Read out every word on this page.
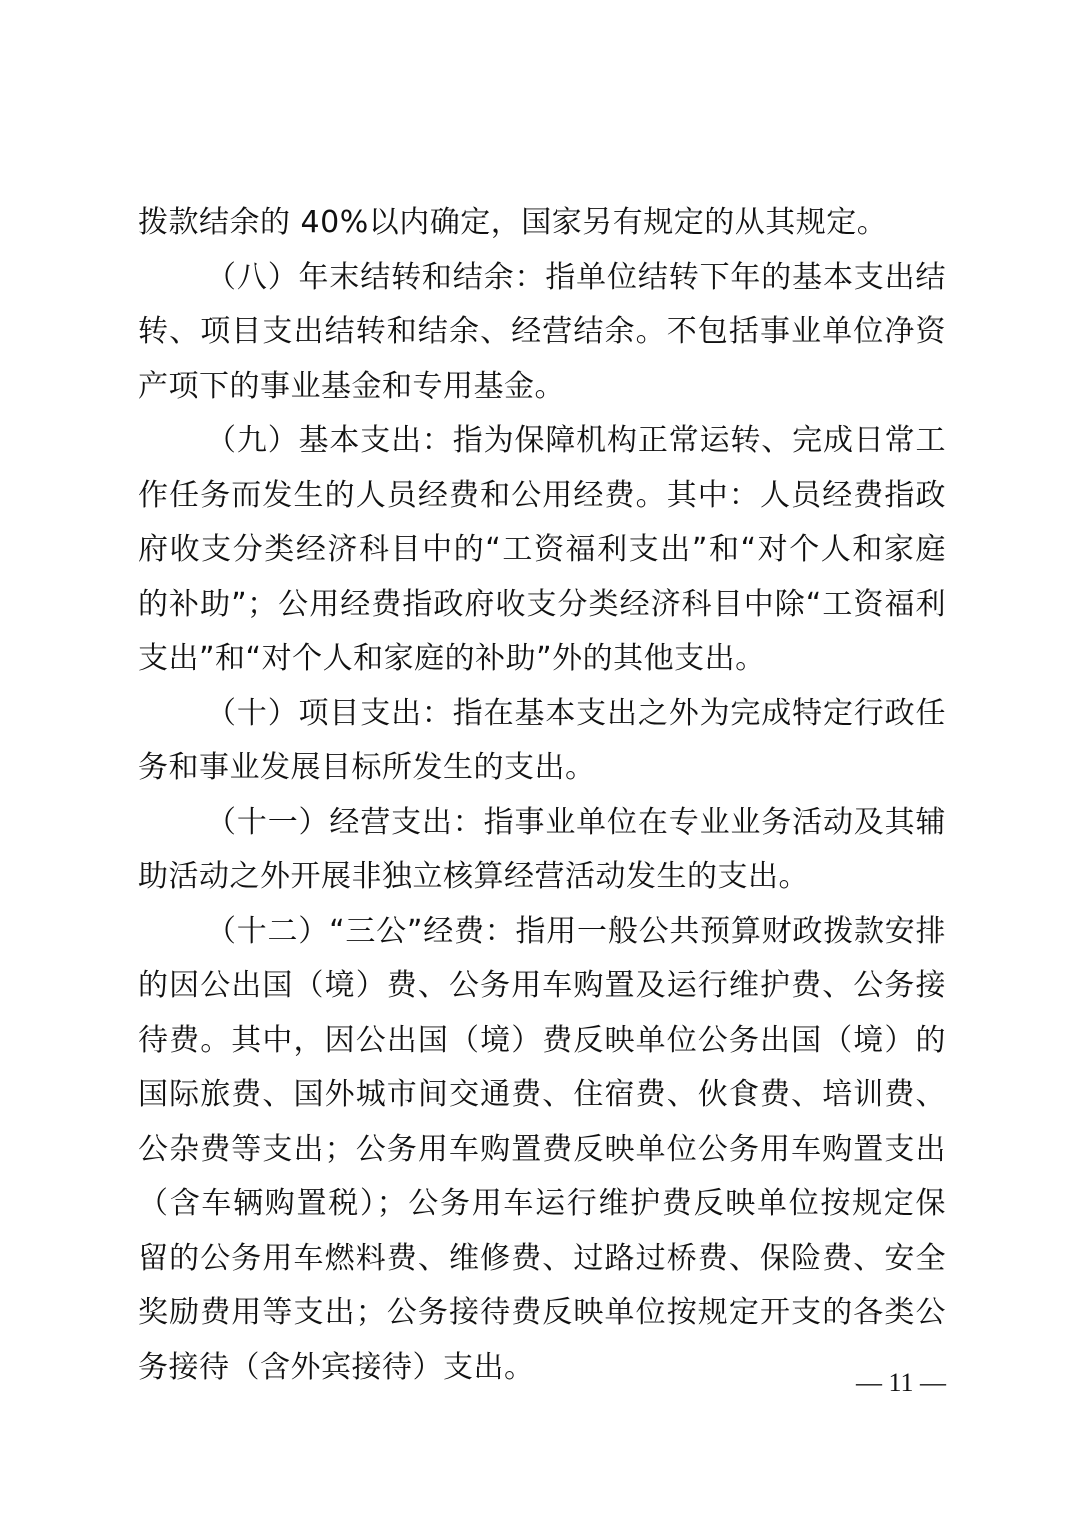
拨款结余的 40%以内确定，国家另有规定的从其规定。

（八）年末结转和结余：指单位结转下年的基本支出结转、项目支出结转和结余、经营结余。不包括事业单位净资产项下的事业基金和专用基金。

（九）基本支出：指为保障机构正常运转、完成日常工作任务而发生的人员经费和公用经费。其中：人员经费指政府收支分类经济科目中的“工资福利支出”和“对个人和家庭的补助”；公用经费指政府收支分类经济科目中除“工资福利支出”和“对个人和家庭的补助”外的其他支出。

（十）项目支出：指在基本支出之外为完成特定行政任务和事业发展目标所发生的支出。

（十一）经营支出：指事业单位在专业业务活动及其辅助活动之外开展非独立核算经营活动发生的支出。

（十二）“三公”经费：指用一般公共预算财政拨款安排的因公出国（境）费、公务用车购置及运行维护费、公务接待费。其中，因公出国（境）费反映单位公务出国（境）的国际旅费、国外城市间交通费、住宿费、伙食费、培训费、公杂费等支出；公务用车购置费反映单位公务用车购置支出（含车辆购置税）；公务用车运行维护费反映单位按规定保留的公务用车燃料费、维修费、过路过桥费、保险费、安全奖励费用等支出；公务接待费反映单位按规定开支的各类公务接待（含外宾接待）支出。	— 11 —
